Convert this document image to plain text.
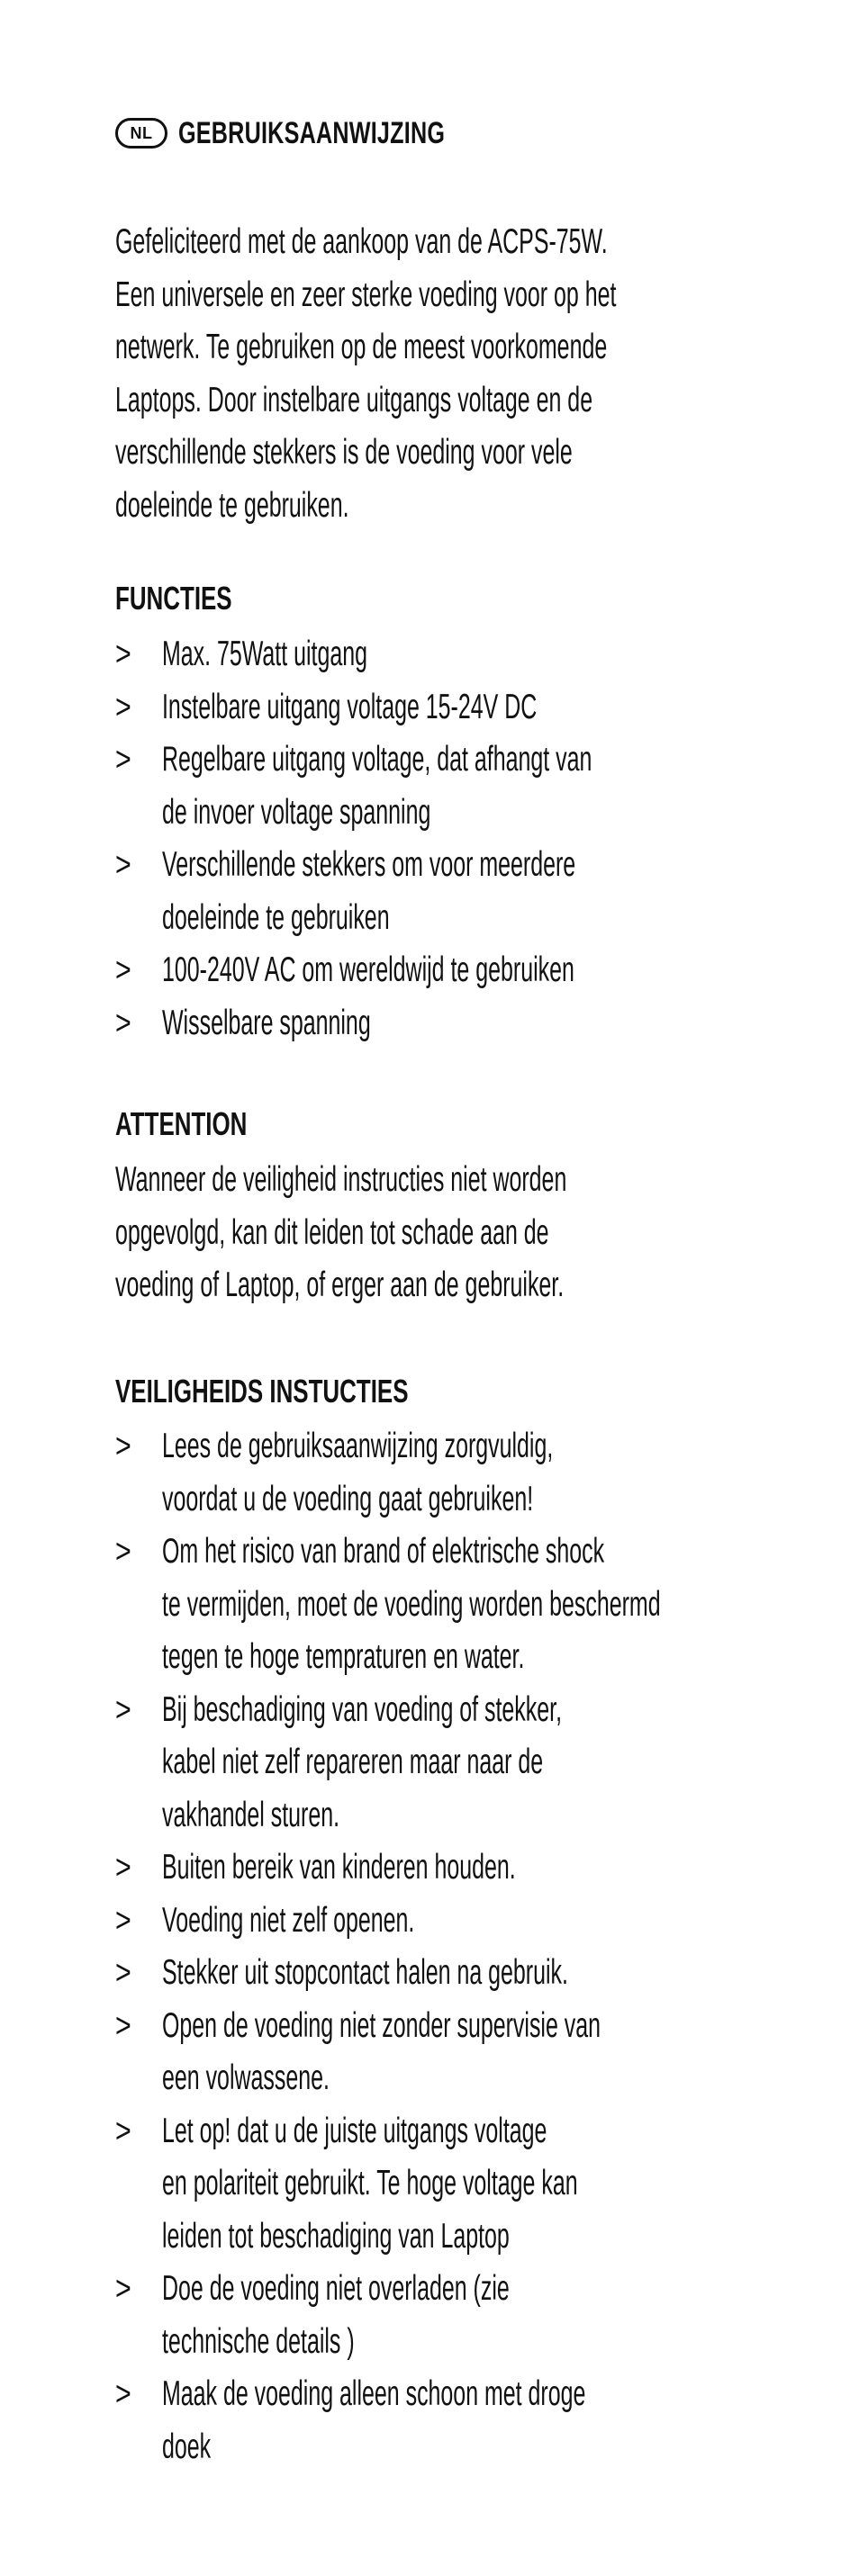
NL GEBRUIKSAANWIJZING
Gefeliciteerd met de aankoop van de ACPS-75W.
Een universele en zeer sterke voeding voor op het
netwerk. Te gebruiken op de meest voorkomende
Laptops. Door instelbare uitgangs voltage en de
verschillende stekkers is de voeding voor vele
doeleinde te gebruiken.
FUNCTIES
> Max. 75Watt uitgang
> Instelbare uitgang voltage 15-24V DC
> Regelbare uitgang voltage, dat afhangt van
de invoer voltage spanning
> Verschillende stekkers om voor meerdere
doeleinde te gebruiken
> 100-240V AC om wereldwijd te gebruiken
> Wisselbare spanning
ATTENTION
Wanneer de veiligheid instructies niet worden
opgevolgd, kan dit leiden tot schade aan de
voeding of Laptop, of erger aan de gebruiker.
VEILIGHEIDS INSTUCTIES
> Lees de gebruiksaanwijzing zorgvuldig,
voordat u de voeding gaat gebruiken!
> Om het risico van brand of elektrische shock
te vermijden, moet de voeding worden beschermd
tegen te hoge tempraturen en water.
> Bij beschadiging van voeding of stekker,
kabel niet zelf repareren maar naar de
vakhandel sturen.
> Buiten bereik van kinderen houden.
> Voeding niet zelf openen.
> Stekker uit stopcontact halen na gebruik.
> Open de voeding niet zonder supervisie van
een volwassene.
> Let op! dat u de juiste uitgangs voltage
en polariteit gebruikt. Te hoge voltage kan
leiden tot beschadiging van Laptop
> Doe de voeding niet overladen (zie
technische details )
> Maak de voeding alleen schoon met droge
doek
